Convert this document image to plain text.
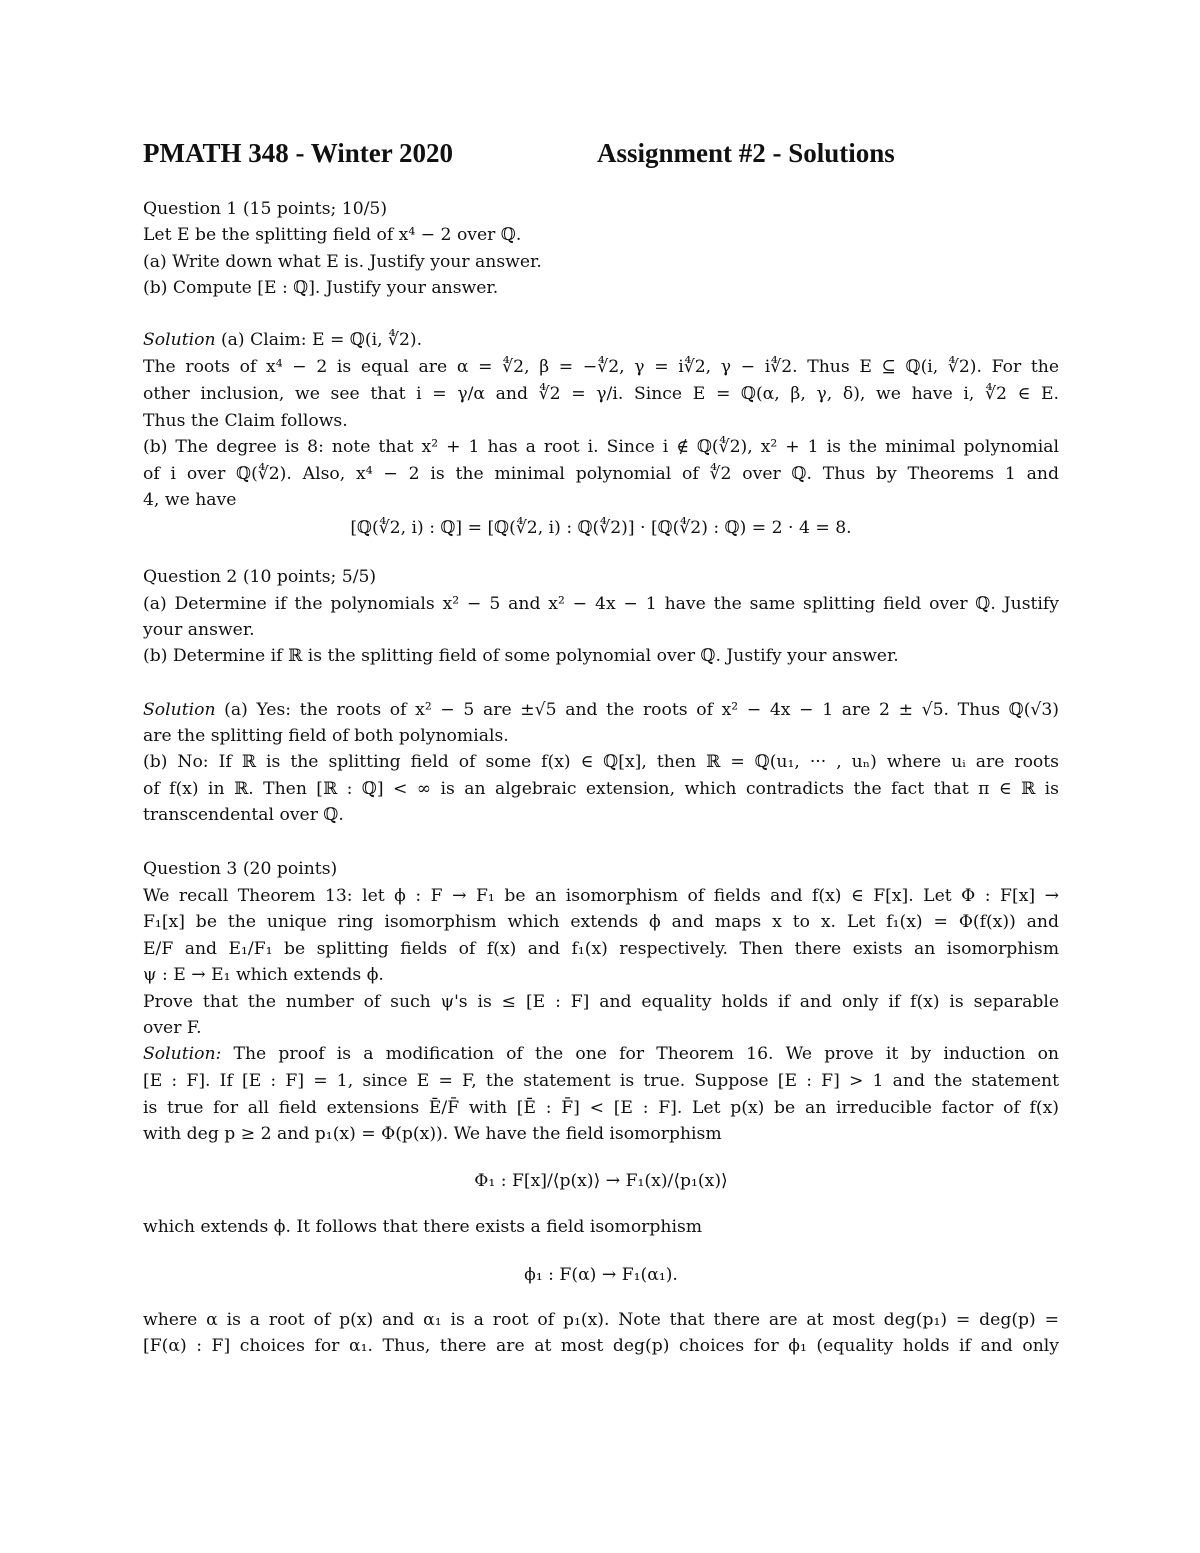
PMATH 348 - Winter 2020	Assignment #2 - Solutions
Question 1 (15 points; 10/5)
Let E be the splitting field of x⁴ − 2 over ℚ.
(a) Write down what E is. Justify your answer.
(b) Compute [E : ℚ]. Justify your answer.
Solution (a) Claim: E = ℚ(i, ∜2).
The roots of x⁴ − 2 is equal are α = ∜2, β = −∜2, γ = i∜2, γ − i∜2. Thus E ⊆ ℚ(i, ∜2). For the
other inclusion, we see that i = γ/α and ∜2 = γ/i. Since E = ℚ(α, β, γ, δ), we have i, ∜2 ∈ E.
Thus the Claim follows.
(b) The degree is 8: note that x² + 1 has a root i. Since i ∉ ℚ(∜2), x² + 1 is the minimal polynomial
of i over ℚ(∜2). Also, x⁴ − 2 is the minimal polynomial of ∜2 over ℚ. Thus by Theorems 1 and
4, we have
[ℚ(∜2, i) : ℚ] = [ℚ(∜2, i) : ℚ(∜2)] · [ℚ(∜2) : ℚ) = 2 · 4 = 8.
Question 2 (10 points; 5/5)
(a) Determine if the polynomials x² − 5 and x² − 4x − 1 have the same splitting field over ℚ. Justify
your answer.
(b) Determine if ℝ is the splitting field of some polynomial over ℚ. Justify your answer.
Solution (a) Yes: the roots of x² − 5 are ±√5 and the roots of x² − 4x − 1 are 2 ± √5. Thus ℚ(√3)
are the splitting field of both polynomials.
(b) No: If ℝ is the splitting field of some f(x) ∈ ℚ[x], then ℝ = ℚ(u₁, ··· , uₙ) where uᵢ are roots
of f(x) in ℝ. Then [ℝ : ℚ] < ∞ is an algebraic extension, which contradicts the fact that π ∈ ℝ is
transcendental over ℚ.
Question 3 (20 points)
We recall Theorem 13: let ϕ : F → F₁ be an isomorphism of fields and f(x) ∈ F[x]. Let Φ : F[x] →
F₁[x] be the unique ring isomorphism which extends ϕ and maps x to x. Let f₁(x) = Φ(f(x)) and
E/F and E₁/F₁ be splitting fields of f(x) and f₁(x) respectively. Then there exists an isomorphism
ψ : E → E₁ which extends ϕ.
Prove that the number of such ψ's is ≤ [E : F] and equality holds if and only if f(x) is separable
over F.
Solution: The proof is a modification of the one for Theorem 16. We prove it by induction on
[E : F]. If [E : F] = 1, since E = F, the statement is true. Suppose [E : F] > 1 and the statement
is true for all field extensions Ē/F̄ with [Ē : F̄] < [E : F]. Let p(x) be an irreducible factor of f(x)
with deg p ≥ 2 and p₁(x) = Φ(p(x)). We have the field isomorphism
Φ₁ : F[x]/⟨p(x)⟩ → F₁(x)/⟨p₁(x)⟩
which extends ϕ. It follows that there exists a field isomorphism
ϕ₁ : F(α) → F₁(α₁).
where α is a root of p(x) and α₁ is a root of p₁(x). Note that there are at most deg(p₁) = deg(p) =
[F(α) : F] choices for α₁. Thus, there are at most deg(p) choices for ϕ₁ (equality holds if and only
